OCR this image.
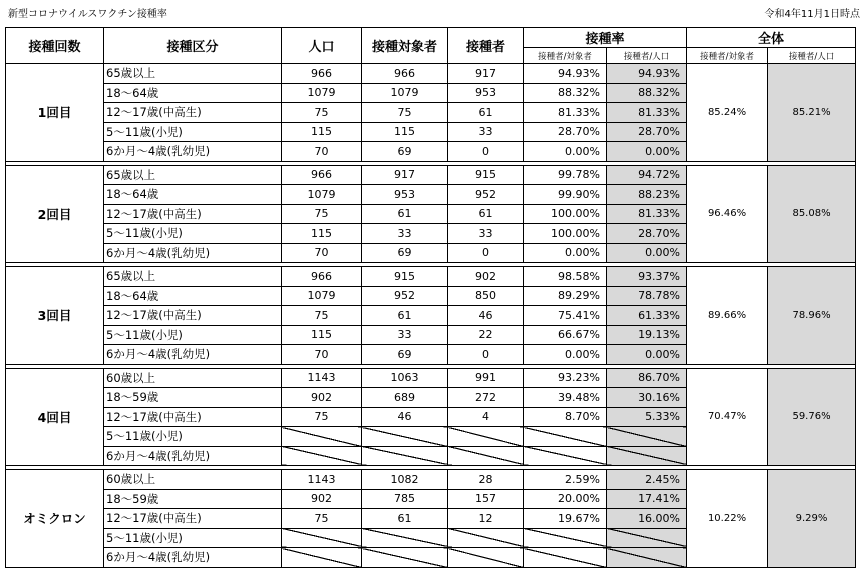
新型コロナウイルスワクチン接種率	令和4年11月1日時点
接種回数	接種区分	人口	接種対象者	接種者	接種率		全体	
					接種者/対象者	接種者/人口	接種者/対象者	接種者/人口
1回目	65歳以上	966	966	917	94.93%	94.93%	85.24%	85.21%
	18～64歳	1079	1079	953	88.32%	88.32%		
	12～17歳(中高生)	75	75	61	81.33%	81.33%		
	5～11歳(小児)	115	115	33	28.70%	28.70%		
	6か月～4歳(乳幼児)	70	69	0	0.00%	0.00%		

2回目	65歳以上	966	917	915	99.78%	94.72%	96.46%	85.08%
	18～64歳	1079	953	952	99.90%	88.23%		
	12～17歳(中高生)	75	61	61	100.00%	81.33%		
	5～11歳(小児)	115	33	33	100.00%	28.70%		
	6か月～4歳(乳幼児)	70	69	0	0.00%	0.00%		

3回目	65歳以上	966	915	902	98.58%	93.37%	89.66%	78.96%
	18～64歳	1079	952	850	89.29%	78.78%		
	12～17歳(中高生)	75	61	46	75.41%	61.33%		
	5～11歳(小児)	115	33	22	66.67%	19.13%		
	6か月～4歳(乳幼児)	70	69	0	0.00%	0.00%		

4回目	60歳以上	1143	1063	991	93.23%	86.70%	70.47%	59.76%
	18～59歳	902	689	272	39.48%	30.16%		
	12～17歳(中高生)	75	46	4	8.70%	5.33%		
	5～11歳(小児)							
	6か月～4歳(乳幼児)							

オミクロン	60歳以上	1143	1082	28	2.59%	2.45%	10.22%	9.29%
	18～59歳	902	785	157	20.00%	17.41%		
	12～17歳(中高生)	75	61	12	19.67%	16.00%		
	5～11歳(小児)							
	6か月～4歳(乳幼児)							
